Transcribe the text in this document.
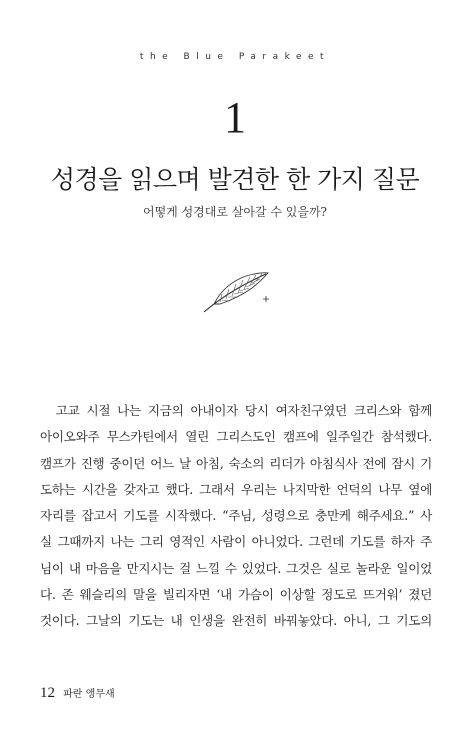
the Blue Parakeet
1
성경을 읽으며 발견한 한 가지 질문
어떻게 성경대로 살아갈 수 있을까?

고교 시절 나는 지금의 아내이자 당시 여자친구였던 크리스와 함께

아이오와주 무스카틴에서 열린 그리스도인 캠프에 일주일간 참석했다.

캠프가 진행 중이던 어느 날 아침, 숙소의 리더가 아침식사 전에 잠시 기

도하는 시간을 갖자고 했다. 그래서 우리는 나지막한 언덕의 나무 옆에

자리를 잡고서 기도를 시작했다. “주님, 성령으로 충만케 해주세요.” 사

실 그때까지 나는 그리 영적인 사람이 아니었다. 그런데 기도를 하자 주

님이 내 마음을 만지시는 걸 느낄 수 있었다. 그것은 실로 놀라운 일이었

다. 존 웨슬리의 말을 빌리자면 ‘내 가슴이 이상할 정도로 뜨거워’ 졌던

것이다. 그날의 기도는 내 인생을 완전히 바꿔놓았다. 아니, 그 기도의

12 파란 앵무새
